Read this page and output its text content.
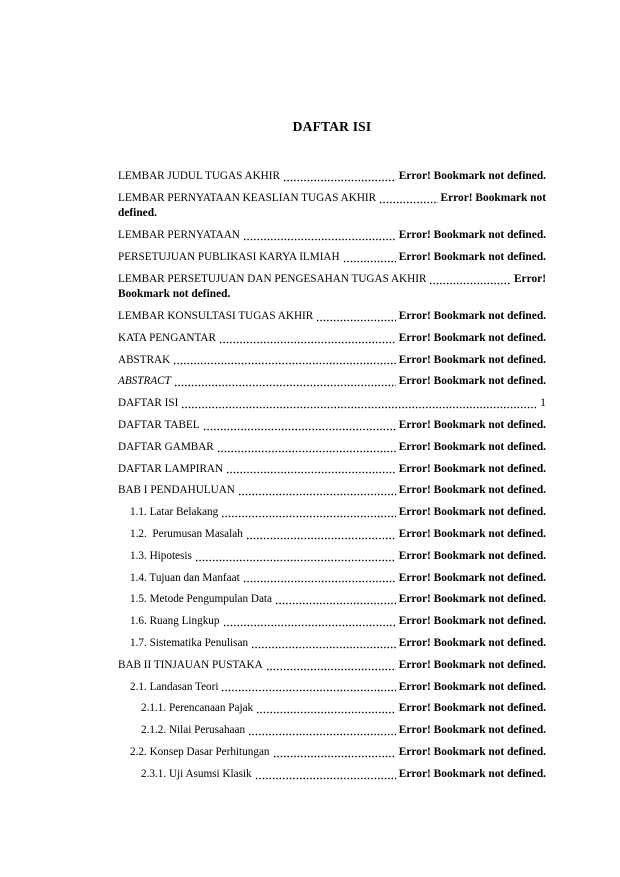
DAFTAR ISI
LEMBAR JUDUL TUGAS AKHIR	Error! Bookmark not defined.
LEMBAR PERNYATAAN KEASLIAN TUGAS AKHIR	Error! Bookmark not
defined.
LEMBAR PERNYATAAN	Error! Bookmark not defined.
PERSETUJUAN PUBLIKASI KARYA ILMIAH	Error! Bookmark not defined.
LEMBAR PERSETUJUAN DAN PENGESAHAN TUGAS AKHIR	Error!
Bookmark not defined.
LEMBAR KONSULTASI TUGAS AKHIR	Error! Bookmark not defined.
KATA PENGANTAR	Error! Bookmark not defined.
ABSTRAK	Error! Bookmark not defined.
ABSTRACT	Error! Bookmark not defined.
DAFTAR ISI	1
DAFTAR TABEL	Error! Bookmark not defined.
DAFTAR GAMBAR	Error! Bookmark not defined.
DAFTAR LAMPIRAN	Error! Bookmark not defined.
BAB I PENDAHULUAN	Error! Bookmark not defined.
1.1. Latar Belakang	Error! Bookmark not defined.
1.2.  Perumusan Masalah	Error! Bookmark not defined.
1.3. Hipotesis	Error! Bookmark not defined.
1.4. Tujuan dan Manfaat	Error! Bookmark not defined.
1.5. Metode Pengumpulan Data	Error! Bookmark not defined.
1.6. Ruang Lingkup	Error! Bookmark not defined.
1.7. Sistematika Penulisan	Error! Bookmark not defined.
BAB II TINJAUAN PUSTAKA	Error! Bookmark not defined.
2.1. Landasan Teori	Error! Bookmark not defined.
2.1.1. Perencanaan Pajak	Error! Bookmark not defined.
2.1.2. Nilai Perusahaan	Error! Bookmark not defined.
2.2. Konsep Dasar Perhitungan	Error! Bookmark not defined.
2.3.1. Uji Asumsi Klasik	Error! Bookmark not defined.
